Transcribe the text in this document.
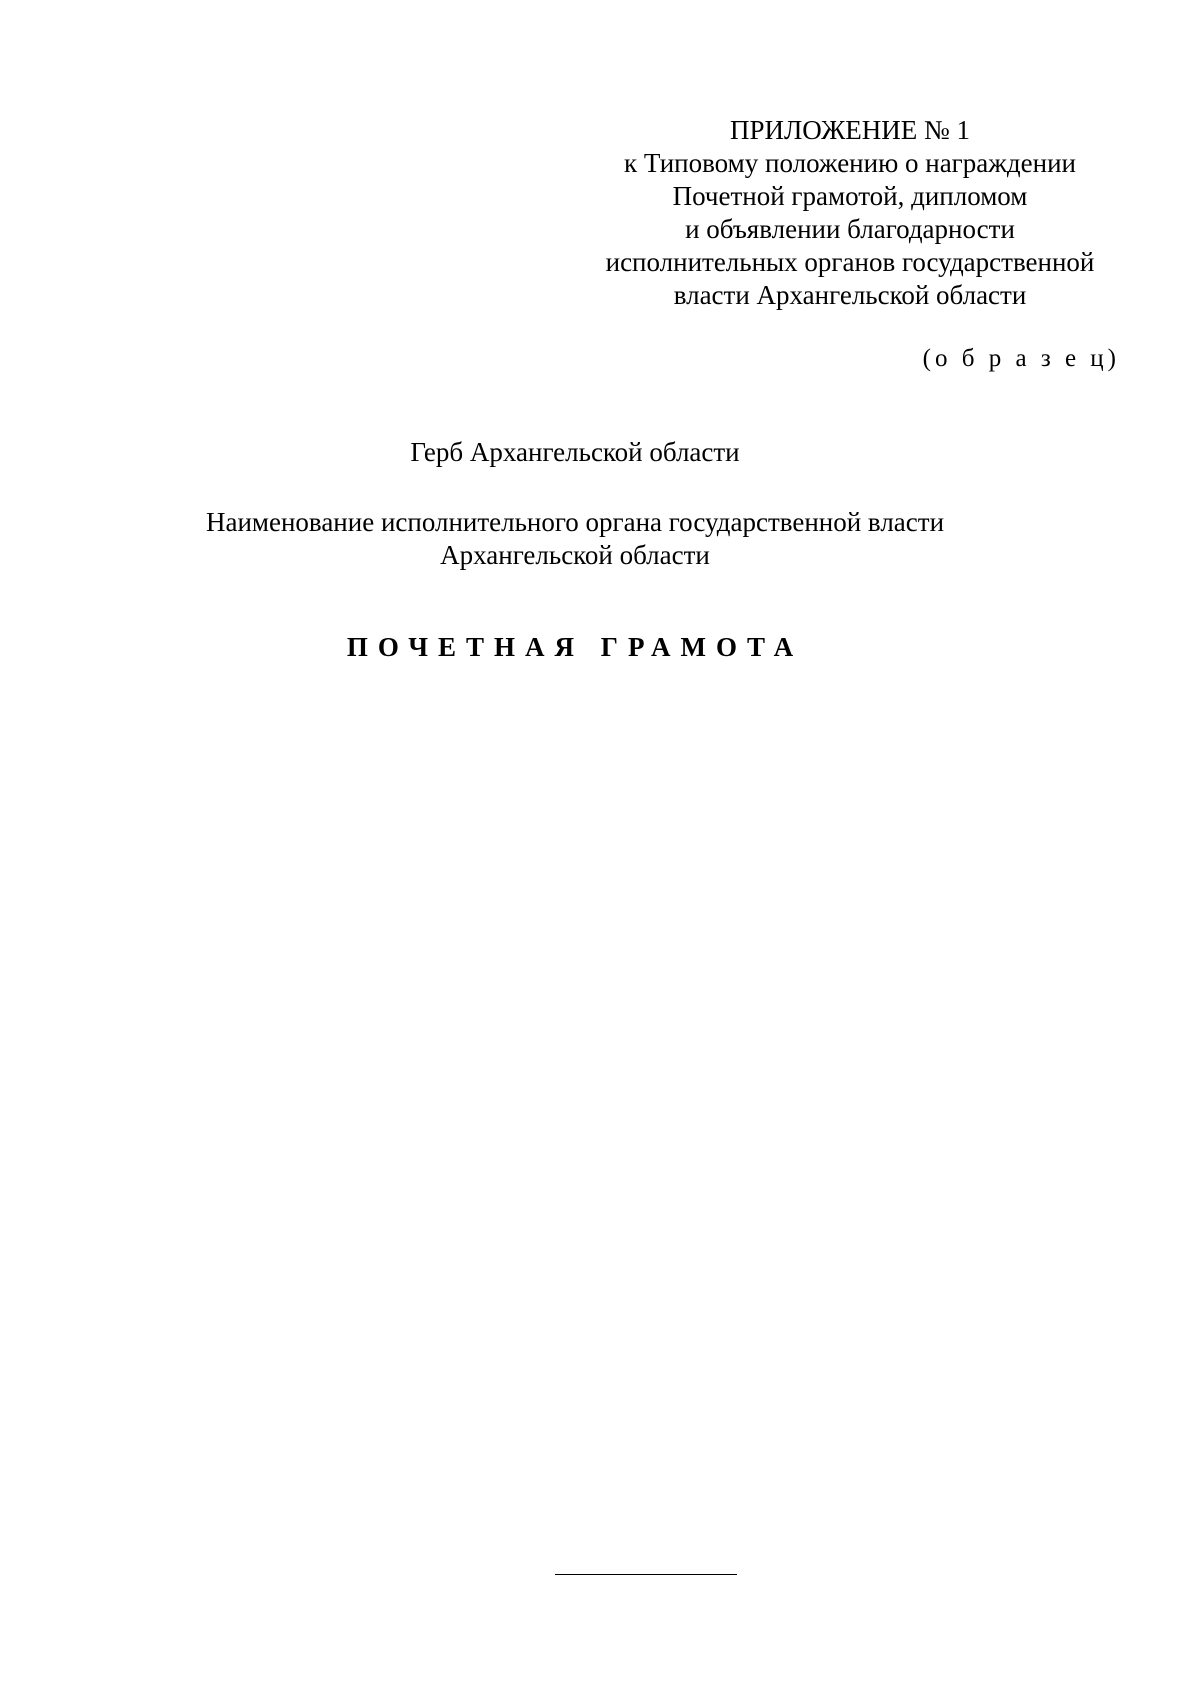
ПРИЛОЖЕНИЕ № 1
к Типовому положению о награждении
Почетной грамотой, дипломом
и объявлении благодарности
исполнительных органов государственной
власти Архангельской области
(о б р а з е ц)
Герб Архангельской области
Наименование исполнительного органа государственной власти
Архангельской области
ПОЧЕТНАЯ ГРАМОТА
